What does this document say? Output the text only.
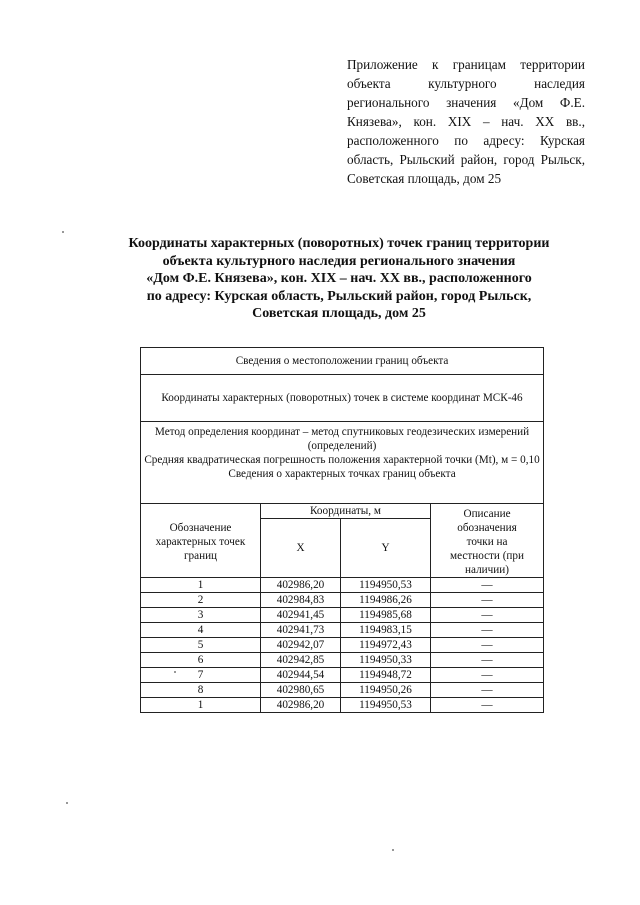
Приложение к границам территории объекта культурного наследия регионального значения «Дом Ф.Е. Князева», кон. XIX – нач. XX вв., расположенного по адресу: Курская область, Рыльский район, город Рыльск, Советская площадь, дом 25
Координаты характерных (поворотных) точек границ территории
объекта культурного наследия регионального значения
«Дом Ф.Е. Князева», кон. XIX – нач. XX вв., расположенного
по адресу: Курская область, Рыльский район, город Рыльск,
Советская площадь, дом 25
Сведения о местоположении границ объекта			
Координаты характерных (поворотных) точек в системе координат МСК-46			

Метод определения координат – метод спутниковых геодезических измерений (определений)
Средняя квадратическая погрешность положения характерной точки (Mt), м = 0,10
Сведения о характерных точках границ объекта			

Обозначение характерных точек границ	Координаты, м		Описание обозначения точки на местности (при наличии)
	X	Y	
1	402986,20	1194950,53	—
2	402984,83	1194986,26	—
3	402941,45	1194985,68	—
4	402941,73	1194983,15	—
5	402942,07	1194972,43	—
6	402942,85	1194950,33	—
7	402944,54	1194948,72	—
8	402980,65	1194950,26	—
1	402986,20	1194950,53	—
